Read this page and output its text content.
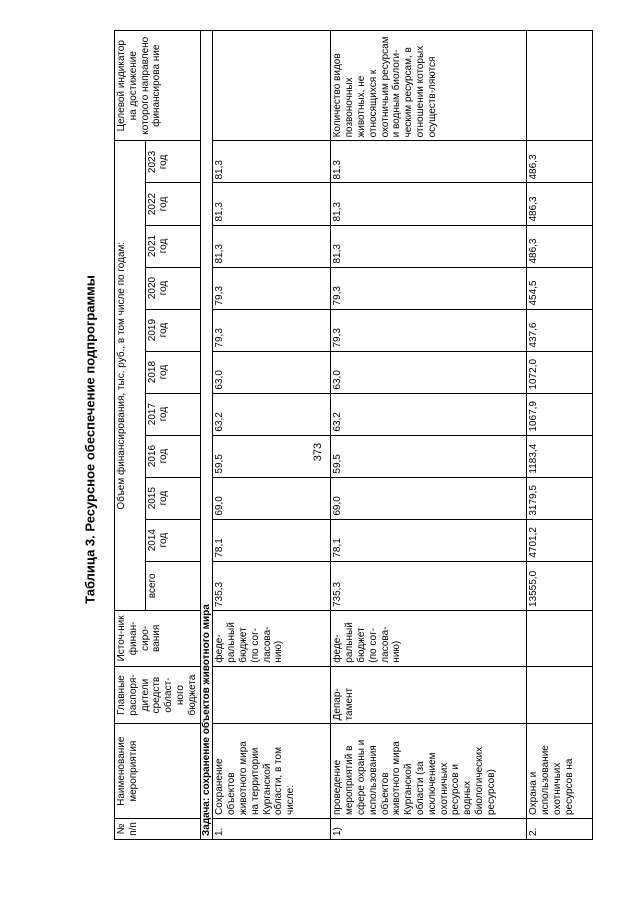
373

Таблица 3. Ресурсное обеспечение подпрограммы

№ п/п	Наименование мероприятия	Главные распоря-дители средств област-ного бюджета	Источ-ник финан-сиро-вания	Объем финансирования, тыс. руб., в том числе по годам:											Целевой индикатор на достижение которого направлено финансирова ние
				всего	2014 год	2015 год	2016 год	2017 год	2018 год	2019 год	2020 год	2021 год	2022 год	2023 год	
Задача: сохранение объектов животного мира															
1.	Сохранение объектов животного мира на территории Курганской области, в том числе:		феде-ральный бюджет (по сог-ласова-нию)	735,3	78,1	69,0	59,5	63,2	63,0	79,3	79,3	81,3	81,3	81,3	
1)	проведение мероприятий в сфере охраны и использования объектов животного мира Курганской области (за исключением охотничьих ресурсов и водных биологических ресурсов)	Депар-тамент	феде-ральный бюджет (по сог-ласова-нию)	735,3	78,1	69,0	59,5	63,2	63,0	79,3	79,3	81,3	81,3	81,3	Количество видов позвоночных животных, не относящихся к охотничьим ресурсам и водным биологи-ческим ресурсам, в отношении которых осуществ-ляются
2.	Охрана и использование охотничьих ресурсов на			13555,0	4701,2	3179,5	1183,4	1067,9	1072,0	437,6	454,5	486,3	486,3	486,3	
